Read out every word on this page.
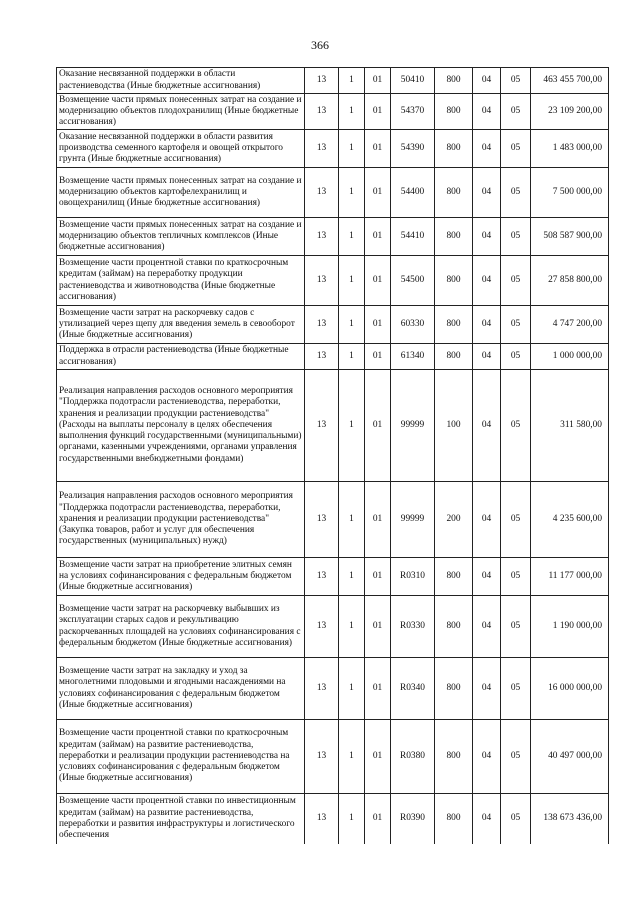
366
Оказание несвязанной поддержки в области растениеводства (Иные бюджетные ассигнования)	13	1	01	50410	800	04	05	463 455 700,00
Возмещение части прямых понесенных затрат на создание и модернизацию объектов плодохранилищ (Иные бюджетные ассигнования)	13	1	01	54370	800	04	05	23 109 200,00
Оказание несвязанной поддержки в области развития производства семенного картофеля и овощей открытого грунта (Иные бюджетные ассигнования)	13	1	01	54390	800	04	05	1 483 000,00
Возмещение части прямых понесенных затрат на создание и модернизацию объектов картофелехранилищ и овощехранилищ (Иные бюджетные ассигнования)	13	1	01	54400	800	04	05	7 500 000,00
Возмещение части прямых понесенных затрат на создание и модернизацию объектов тепличных комплексов (Иные бюджетные ассигнования)	13	1	01	54410	800	04	05	508 587 900,00
Возмещение части процентной ставки по краткосрочным кредитам (займам) на переработку продукции растениеводства и животноводства (Иные бюджетные ассигнования)	13	1	01	54500	800	04	05	27 858 800,00
Возмещение части затрат на раскорчевку садов с утилизацией через щепу для введения земель в севооборот (Иные бюджетные ассигнования)	13	1	01	60330	800	04	05	4 747 200,00
Поддержка в отрасли растениеводства (Иные бюджетные ассигнования)	13	1	01	61340	800	04	05	1 000 000,00
Реализация направления расходов основного мероприятия "Поддержка подотрасли растениеводства, переработки, хранения и реализации продукции растениеводства" (Расходы на выплаты персоналу в целях обеспечения выполнения функций государственными (муниципальными) органами, казенными учреждениями, органами управления государственными внебюджетными фондами)	13	1	01	99999	100	04	05	311 580,00
Реализация направления расходов основного мероприятия "Поддержка подотрасли растениеводства, переработки, хранения и реализации продукции растениеводства" (Закупка товаров, работ и услуг для обеспечения государственных (муниципальных) нужд)	13	1	01	99999	200	04	05	4 235 600,00
Возмещение части затрат на приобретение элитных семян на условиях софинансирования с федеральным бюджетом (Иные бюджетные ассигнования)	13	1	01	R0310	800	04	05	11 177 000,00
Возмещение части затрат на раскорчевку выбывших из эксплуатации старых садов и рекультивацию раскорчеванных площадей на условиях софинансирования с федеральным бюджетом (Иные бюджетные ассигнования)	13	1	01	R0330	800	04	05	1 190 000,00
Возмещение части затрат на закладку и уход за многолетними плодовыми и ягодными насаждениями на условиях софинансирования с федеральным бюджетом (Иные бюджетные ассигнования)	13	1	01	R0340	800	04	05	16 000 000,00
Возмещение части процентной ставки по краткосрочным кредитам (займам) на развитие растениеводства, переработки и реализации продукции растениеводства на условиях софинансирования с федеральным бюджетом (Иные бюджетные ассигнования)	13	1	01	R0380	800	04	05	40 497 000,00
Возмещение части процентной ставки по инвестиционным кредитам (займам) на развитие растениеводства, переработки и развития инфраструктуры и логистического обеспечения	13	1	01	R0390	800	04	05	138 673 436,00
